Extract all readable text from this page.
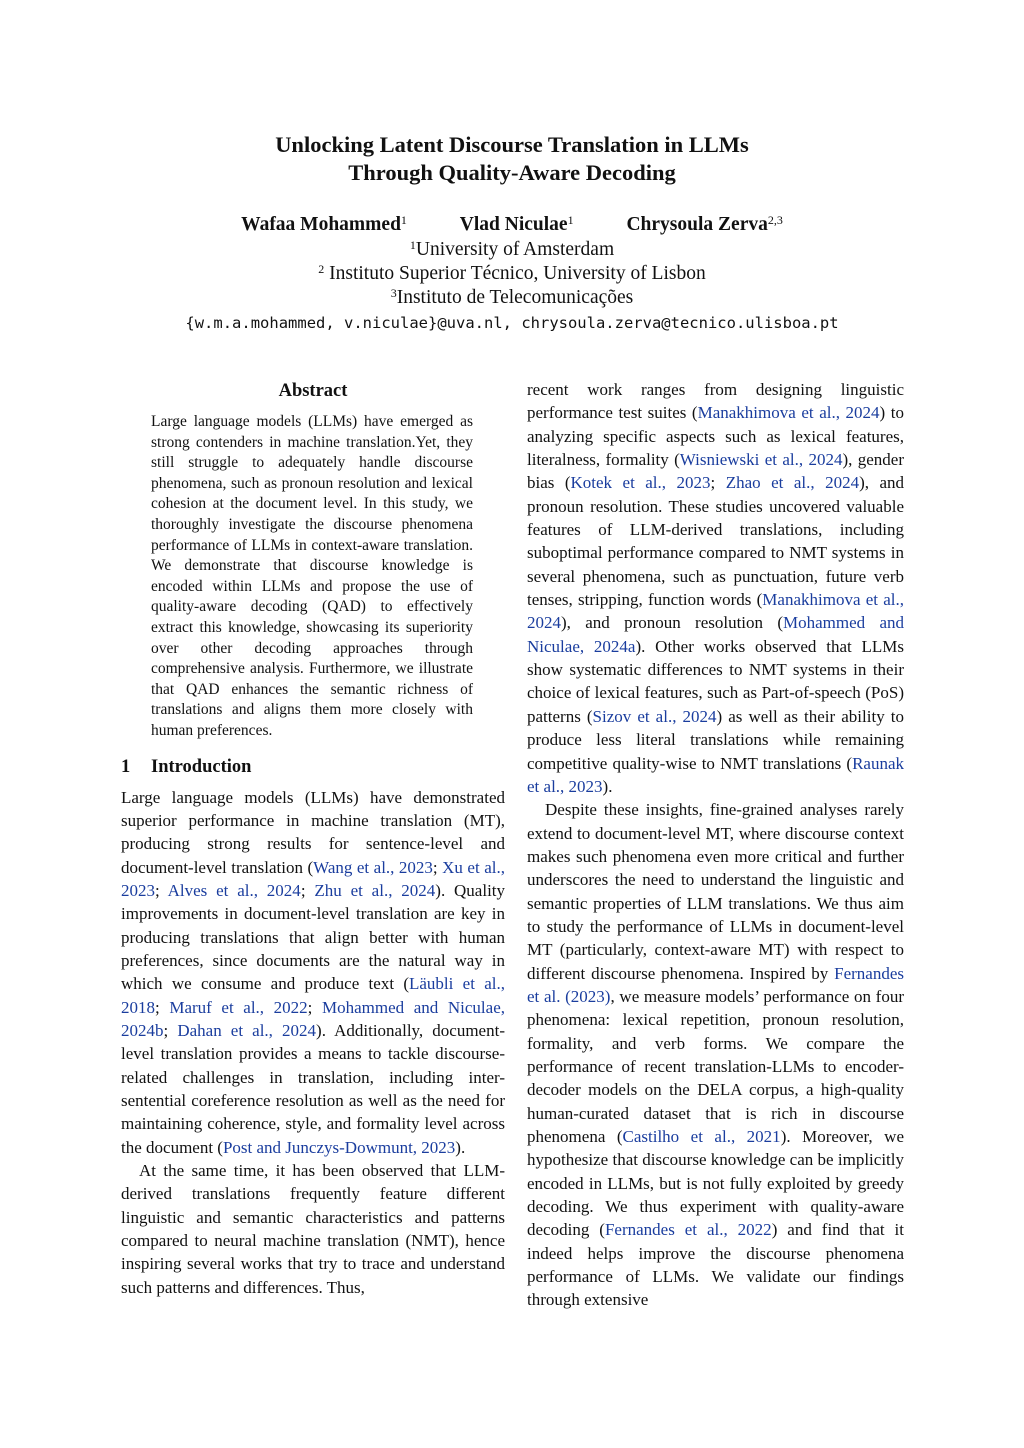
Unlocking Latent Discourse Translation in LLMs
Through Quality-Aware Decoding
Wafaa Mohammed$^1$	Vlad Niculae$^1$	Chrysoula Zerva$^{2,3}$
$^1$University of Amsterdam
$^2$ Instituto Superior Técnico, University of Lisbon
$^3$Instituto de Telecomunicações
{w.m.a.mohammed, v.niculae}@uva.nl, chrysoula.zerva@tecnico.ulisboa.pt
Abstract
Large language models (LLMs) have emerged as strong contenders in machine translation.Yet, they still struggle to adequately handle discourse phenomena, such as pronoun resolution and lexical cohesion at the document level. In this study, we thoroughly investigate the discourse phenomena performance of LLMs in context-aware translation. We demonstrate that discourse knowledge is encoded within LLMs and propose the use of quality-aware decoding (QAD) to effectively extract this knowledge, showcasing its superiority over other decoding approaches through comprehensive analysis. Furthermore, we illustrate that QAD enhances the semantic richness of translations and aligns them more closely with human preferences.
1 Introduction

Large language models (LLMs) have demonstrated superior performance in machine translation (MT), producing strong results for sentence-level and document-level translation (Wang et al., 2023; Xu et al., 2023; Alves et al., 2024; Zhu et al., 2024). Quality improvements in document-level translation are key in producing translations that align better with human preferences, since documents are the natural way in which we consume and produce text (Läubli et al., 2018; Maruf et al., 2022; Mohammed and Niculae, 2024b; Dahan et al., 2024). Additionally, document-level translation provides a means to tackle discourse-related challenges in translation, including inter-sentential coreference resolution as well as the need for maintaining coherence, style, and formality level across the document (Post and Junczys-Dowmunt, 2023).

At the same time, it has been observed that LLM-derived translations frequently feature different linguistic and semantic characteristics and patterns compared to neural machine translation (NMT), hence inspiring several works that try to trace and understand such patterns and differences. Thus,

recent work ranges from designing linguistic performance test suites (Manakhimova et al., 2024) to analyzing specific aspects such as lexical features, literalness, formality (Wisniewski et al., 2024), gender bias (Kotek et al., 2023; Zhao et al., 2024), and pronoun resolution. These studies uncovered valuable features of LLM-derived translations, including suboptimal performance compared to NMT systems in several phenomena, such as punctuation, future verb tenses, stripping, function words (Manakhimova et al., 2024), and pronoun resolution (Mohammed and Niculae, 2024a). Other works observed that LLMs show systematic differences to NMT systems in their choice of lexical features, such as Part-of-speech (PoS) patterns (Sizov et al., 2024) as well as their ability to produce less literal translations while remaining competitive quality-wise to NMT translations (Raunak et al., 2023).

Despite these insights, fine-grained analyses rarely extend to document-level MT, where discourse context makes such phenomena even more critical and further underscores the need to understand the linguistic and semantic properties of LLM translations. We thus aim to study the performance of LLMs in document-level MT (particularly, context-aware MT) with respect to different discourse phenomena. Inspired by Fernandes et al. (2023), we measure models’ performance on four phenomena: lexical repetition, pronoun resolution, formality, and verb forms. We compare the performance of recent translation-LLMs to encoder-decoder models on the DELA corpus, a high-quality human-curated dataset that is rich in discourse phenomena (Castilho et al., 2021). Moreover, we hypothesize that discourse knowledge can be implicitly encoded in LLMs, but is not fully exploited by greedy decoding. We thus experiment with quality-aware decoding (Fernandes et al., 2022) and find that it indeed helps improve the discourse phenomena performance of LLMs. We validate our findings through extensive
